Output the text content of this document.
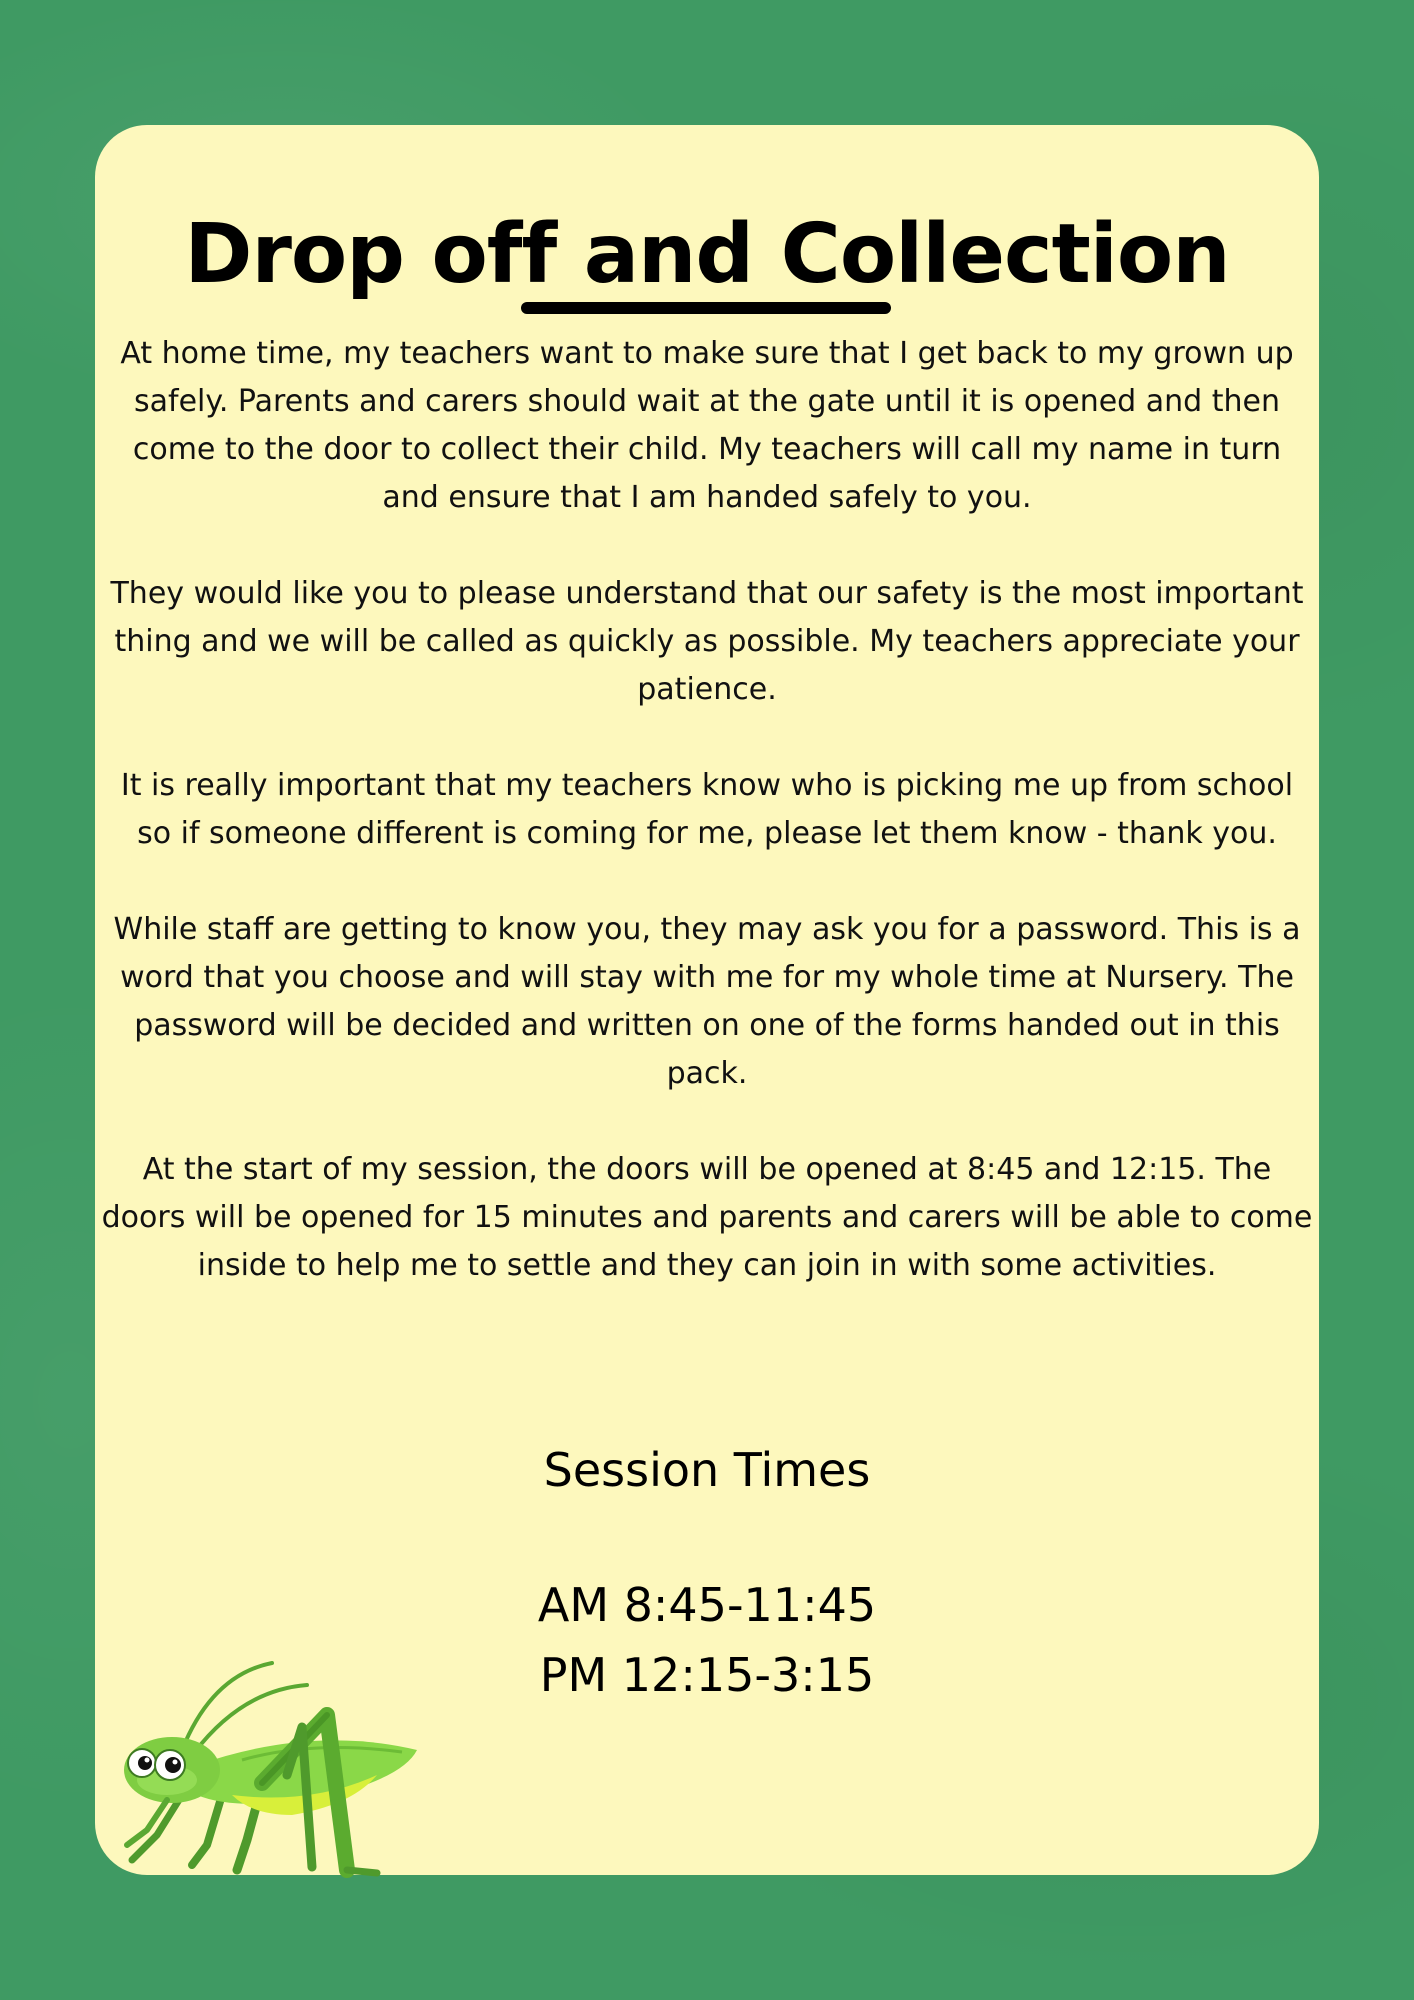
Drop off and Collection

At home time, my teachers want to make sure that I get back to my grown up safely. Parents and carers should wait at the gate until it is opened and then come to the door to collect their child. My teachers will call my name in turn and ensure that I am handed safely to you.

They would like you to please understand that our safety is the most important thing and we will be called as quickly as possible. My teachers appreciate your patience.

It is really important that my teachers know who is picking me up from school so if someone different is coming for me, please let them know - thank you.

While staff are getting to know you, they may ask you for a password. This is a word that you choose and will stay with me for my whole time at Nursery. The password will be decided and written on one of the forms handed out in this pack.

At the start of my session, the doors will be opened at 8:45 and 12:15. The doors will be opened for 15 minutes and parents and carers will be able to come inside to help me to settle and they can join in with some activities.

Session Times
AM 8:45-11:45
PM 12:15-3:15
